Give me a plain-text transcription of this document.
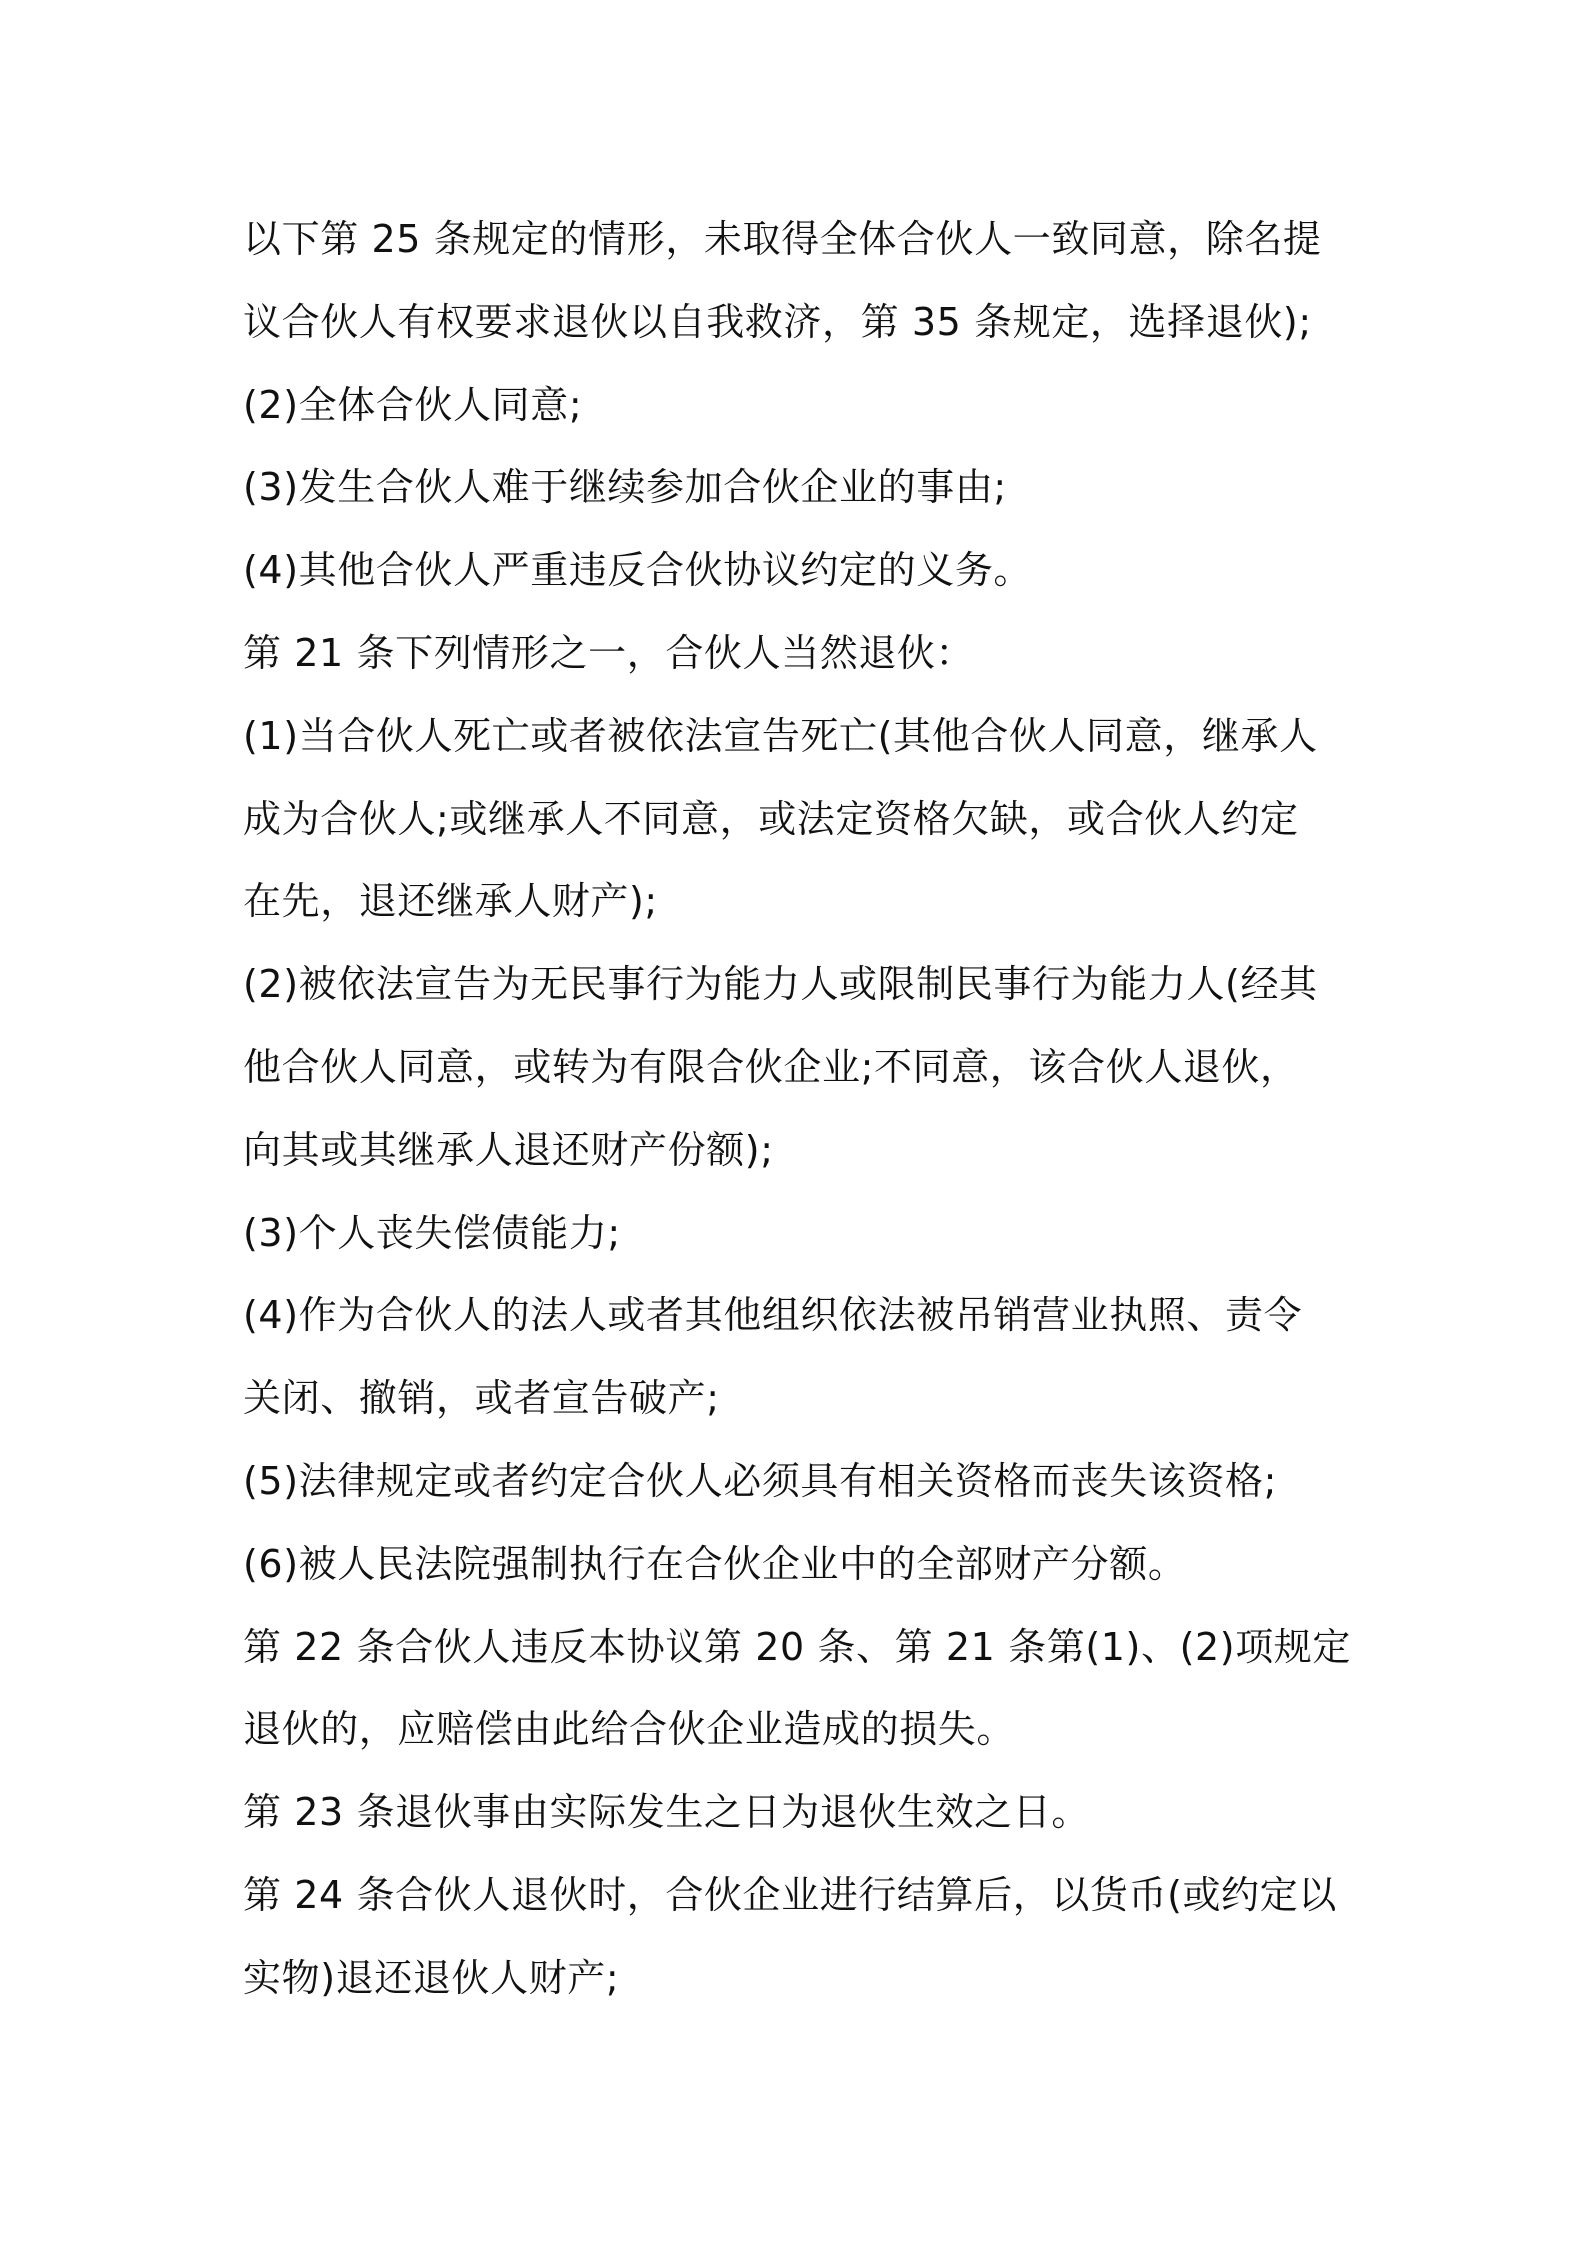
以下第 25 条规定的情形，未取得全体合伙人一致同意，除名提
议合伙人有权要求退伙以自我救济，第 35 条规定，选择退伙);
(2)全体合伙人同意;
(3)发生合伙人难于继续参加合伙企业的事由;
(4)其他合伙人严重违反合伙协议约定的义务。
第 21 条下列情形之一，合伙人当然退伙：
(1)当合伙人死亡或者被依法宣告死亡(其他合伙人同意，继承人
成为合伙人;或继承人不同意，或法定资格欠缺，或合伙人约定
在先，退还继承人财产);
(2)被依法宣告为无民事行为能力人或限制民事行为能力人(经其
他合伙人同意，或转为有限合伙企业;不同意，该合伙人退伙，
向其或其继承人退还财产份额);
(3)个人丧失偿债能力;
(4)作为合伙人的法人或者其他组织依法被吊销营业执照、责令
关闭、撤销，或者宣告破产;
(5)法律规定或者约定合伙人必须具有相关资格而丧失该资格;
(6)被人民法院强制执行在合伙企业中的全部财产分额。
第 22 条合伙人违反本协议第 20 条、第 21 条第(1)、(2)项规定
退伙的，应赔偿由此给合伙企业造成的损失。
第 23 条退伙事由实际发生之日为退伙生效之日。
第 24 条合伙人退伙时，合伙企业进行结算后，以货币(或约定以
实物)退还退伙人财产;
